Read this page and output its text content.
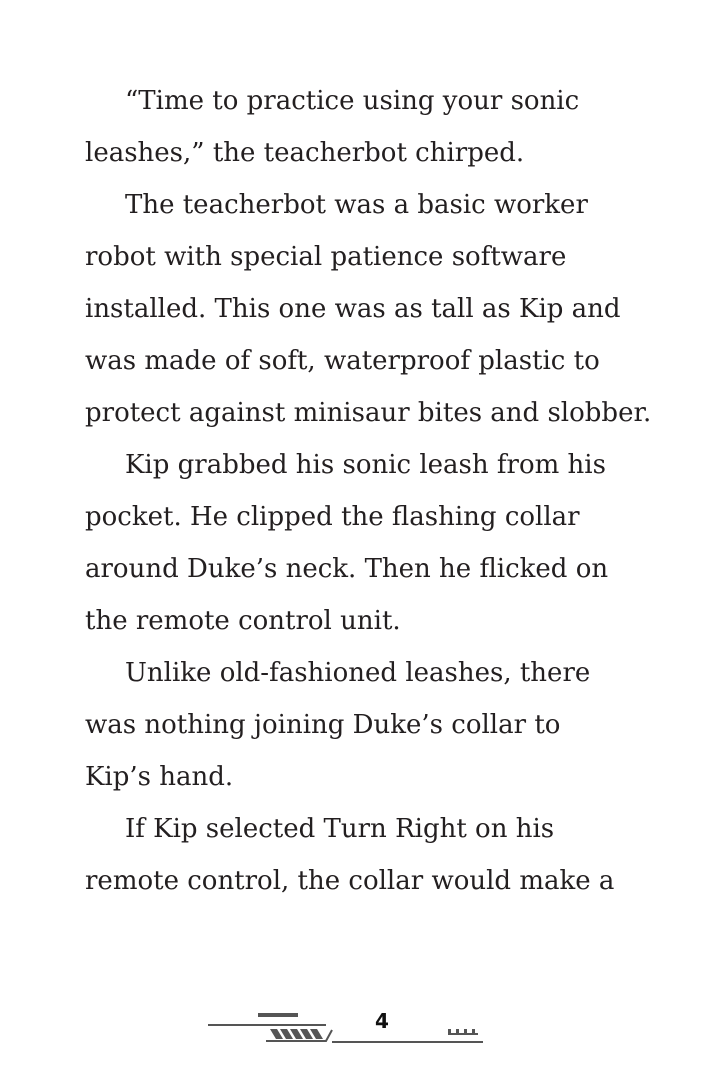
“Time to practice using your sonic
leashes,” the teacherbot chirped.
The teacherbot was a basic worker
robot with special patience software
installed. This one was as tall as Kip and
was made of soft, waterproof plastic to
protect against minisaur bites and slobber.
Kip grabbed his sonic leash from his
pocket. He clipped the flashing collar
around Duke’s neck. Then he flicked on
the remote control unit.
Unlike old-fashioned leashes, there
was nothing joining Duke’s collar to
Kip’s hand.
If Kip selected Turn Right on his
remote control, the collar would make a
4
